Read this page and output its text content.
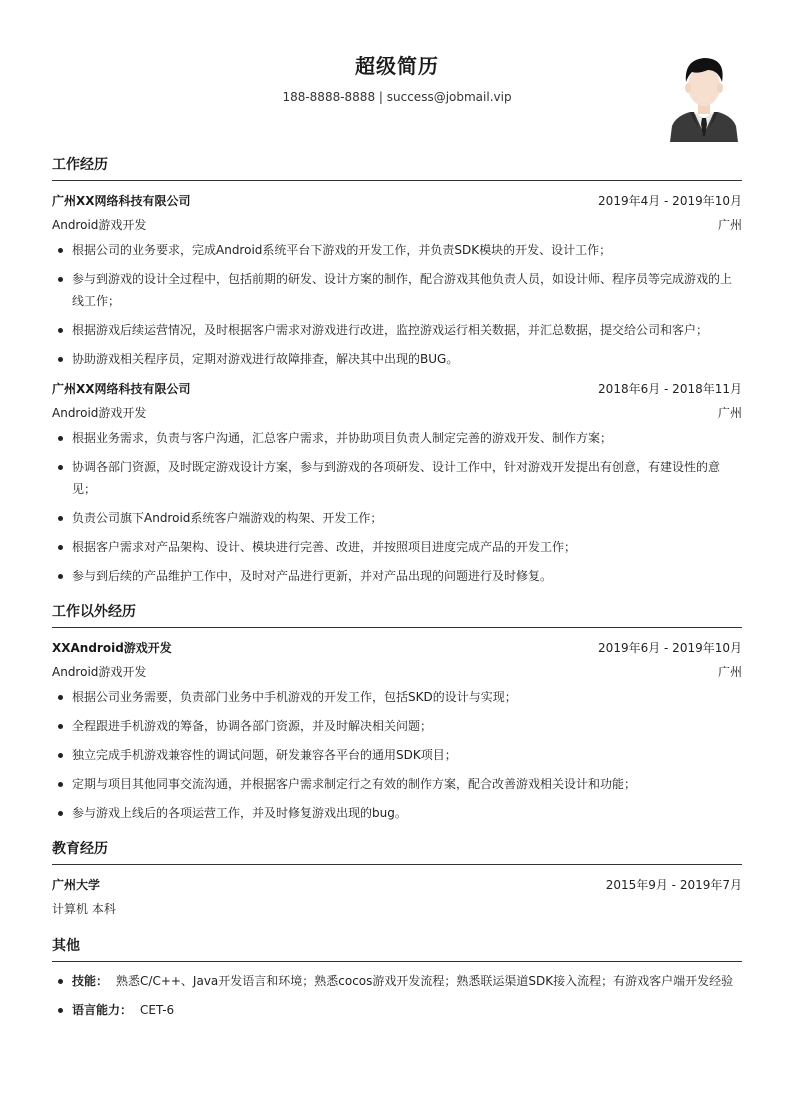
超级简历
188-8888-8888 | success@jobmail.vip
工作经历
广州XX网络科技有限公司	2019年4月 - 2019年10月
Android游戏开发	广州
根据公司的业务要求，完成Android系统平台下游戏的开发工作，并负责SDK模块的开发、设计工作；
参与到游戏的设计全过程中，包括前期的研发、设计方案的制作，配合游戏其他负责人员，如设计师、程序员等完成游戏的上线工作；
根据游戏后续运营情况，及时根据客户需求对游戏进行改进，监控游戏运行相关数据，并汇总数据，提交给公司和客户；
协助游戏相关程序员，定期对游戏进行故障排查，解决其中出现的BUG。
广州XX网络科技有限公司	2018年6月 - 2018年11月
Android游戏开发	广州
根据业务需求，负责与客户沟通，汇总客户需求，并协助项目负责人制定完善的游戏开发、制作方案；
协调各部门资源，及时既定游戏设计方案，参与到游戏的各项研发、设计工作中，针对游戏开发提出有创意，有建设性的意见；
负责公司旗下Android系统客户端游戏的构架、开发工作；
根据客户需求对产品架构、设计、模块进行完善、改进，并按照项目进度完成产品的开发工作；
参与到后续的产品维护工作中，及时对产品进行更新，并对产品出现的问题进行及时修复。
工作以外经历
XXAndroid游戏开发	2019年6月 - 2019年10月
Android游戏开发	广州
根据公司业务需要，负责部门业务中手机游戏的开发工作，包括SKD的设计与实现；
全程跟进手机游戏的筹备，协调各部门资源，并及时解决相关问题；
独立完成手机游戏兼容性的调试问题，研发兼容各平台的通用SDK项目；
定期与项目其他同事交流沟通，并根据客户需求制定行之有效的制作方案，配合改善游戏相关设计和功能；
参与游戏上线后的各项运营工作，并及时修复游戏出现的bug。
教育经历
广州大学	2015年9月 - 2019年7月
计算机 本科
其他
技能： 熟悉C/C++、Java开发语言和环境；熟悉cocos游戏开发流程；熟悉联运渠道SDK接入流程；有游戏客户端开发经验
语言能力： CET-6
